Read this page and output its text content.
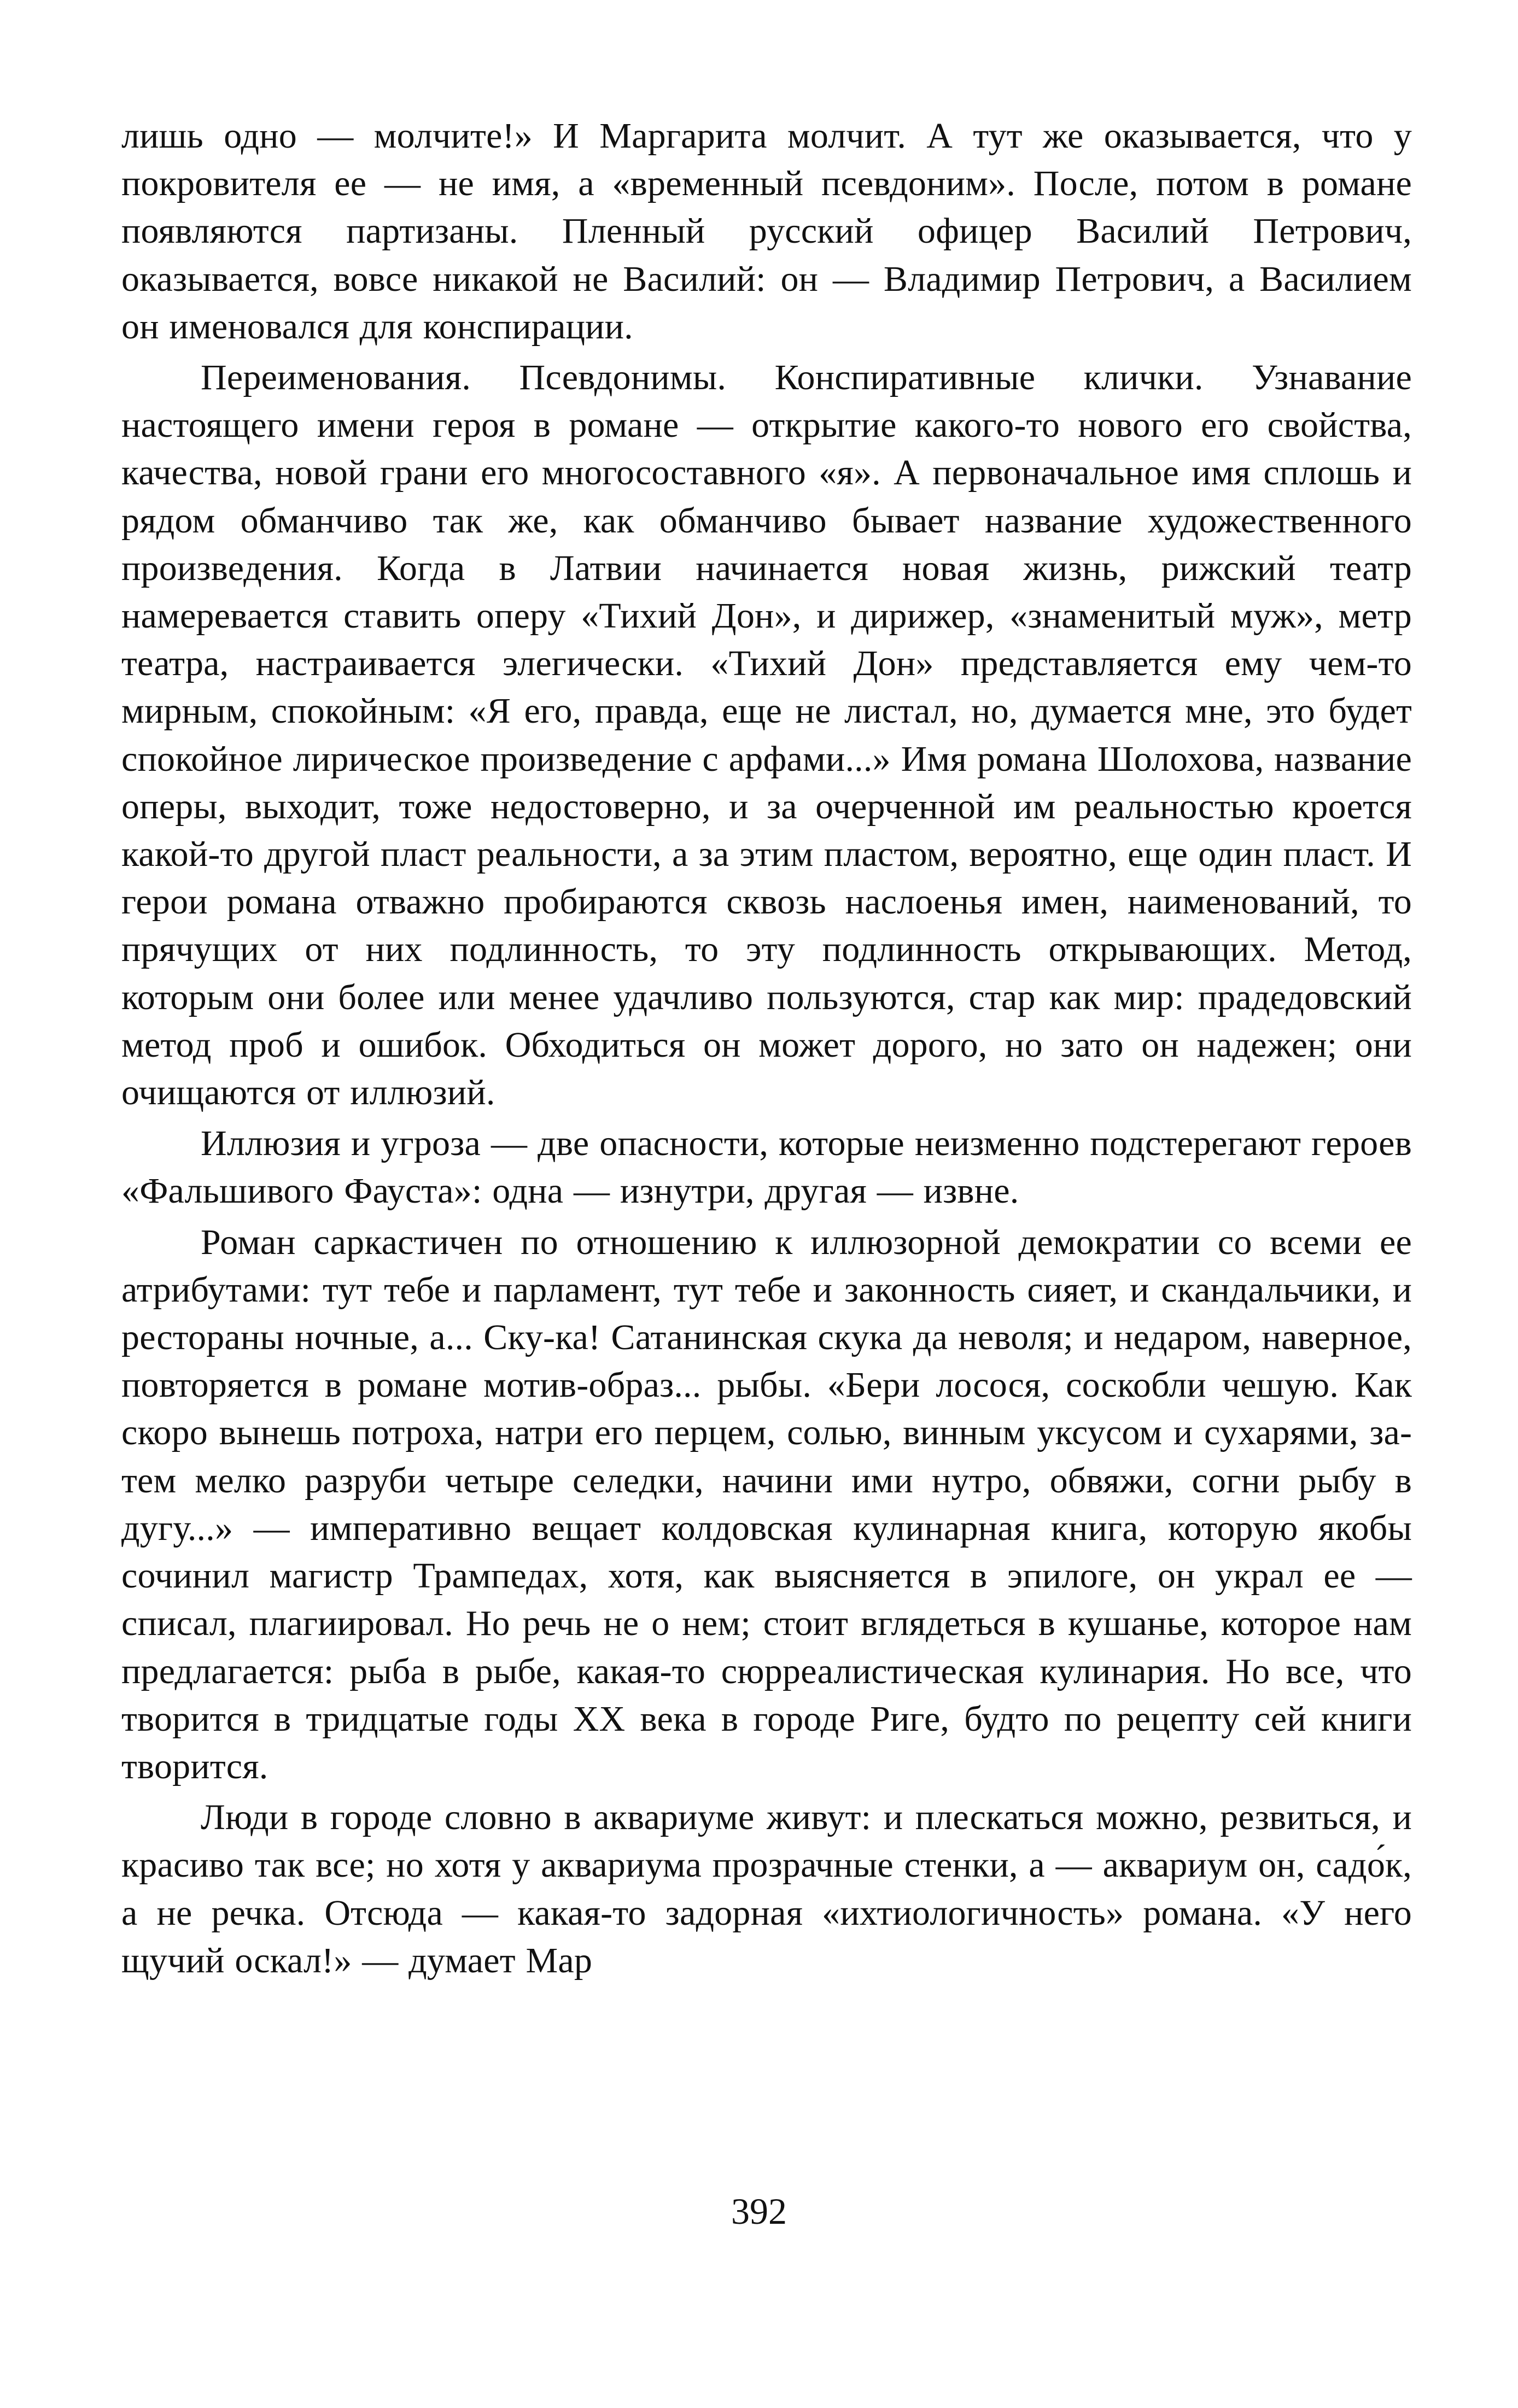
лишь одно — молчите!» И Маргарита молчит. А тут же оказывается, что у покровителя ее — не имя, а «временный псевдоним». После, потом в романе появляются партизаны. Пленный русский офицер Василий Петрович, оказывается, вовсе никакой не Василий: он — Владимир Петрович, а Василием он именовался для конспирации.

Переименования. Псевдонимы. Конспиративные клички. Узнавание настоящего имени героя в романе — открытие какого-то нового его свойства, качества, новой грани его многосоставного «я». А первоначальное имя сплошь и рядом обманчиво так же, как обманчиво бывает название художественного произведения. Когда в Латвии начинается новая жизнь, рижский театр намеревается ставить оперу «Тихий Дон», и дирижер, «знаменитый муж», метр театра, настраивается элегически. «Тихий Дон» представляется ему чем-то мирным, спокойным: «Я его, правда, еще не листал, но, думается мне, это будет спокойное лирическое произведение с арфами...» Имя романа Шолохова, название оперы, выходит, тоже недостоверно, и за очерченной им реальностью кроется какой-то другой пласт реальности, а за этим пластом, вероятно, еще один пласт. И герои романа отважно пробираются сквозь наслоенья имен, наименований, то прячущих от них подлинность, то эту подлинность открывающих. Метод, которым они более или менее удачливо пользуются, стар как мир: прадедовский метод проб и ошибок. Обходиться он может дорого, но зато он надежен; они очищаются от иллюзий.

Иллюзия и угроза — две опасности, которые неизменно подстерегают героев «Фальшивого Фауста»: одна — изнутри, другая — извне.

Роман саркастичен по отношению к иллюзорной демократии со всеми ее атрибутами: тут тебе и парламент, тут тебе и законность сияет, и скандальчики, и рестораны ночные, а... Ску-ка! Сатанинская скука да неволя; и недаром, наверное, повторяется в романе мотив-образ... рыбы. «Бери лосося, соскобли чешую. Как скоро вынешь потроха, натри его перцем, солью, винным уксусом и сухарями, затем мелко разруби четыре селедки, начини ими нутро, обвяжи, согни рыбу в дугу...» — императивно вещает колдовская кулинарная книга, которую якобы сочинил магистр Трампедах, хотя, как выясняется в эпилоге, он украл ее — списал, плагиировал. Но речь не о нем; стоит вглядеться в кушанье, которое нам предлагается: рыба в рыбе, какая-то сюрреалистическая кулинария. Но все, что творится в тридцатые годы XX века в городе Риге, будто по рецепту сей книги творится.

Люди в городе словно в аквариуме живут: и плескаться можно, резвиться, и красиво так все; но хотя у аквариума прозрачные стенки, а — аквариум он, садо́к, а не речка. Отсюда — какая-то задорная «ихтиологичность» романа. «У него щучий оскал!» — думает Мар

392
